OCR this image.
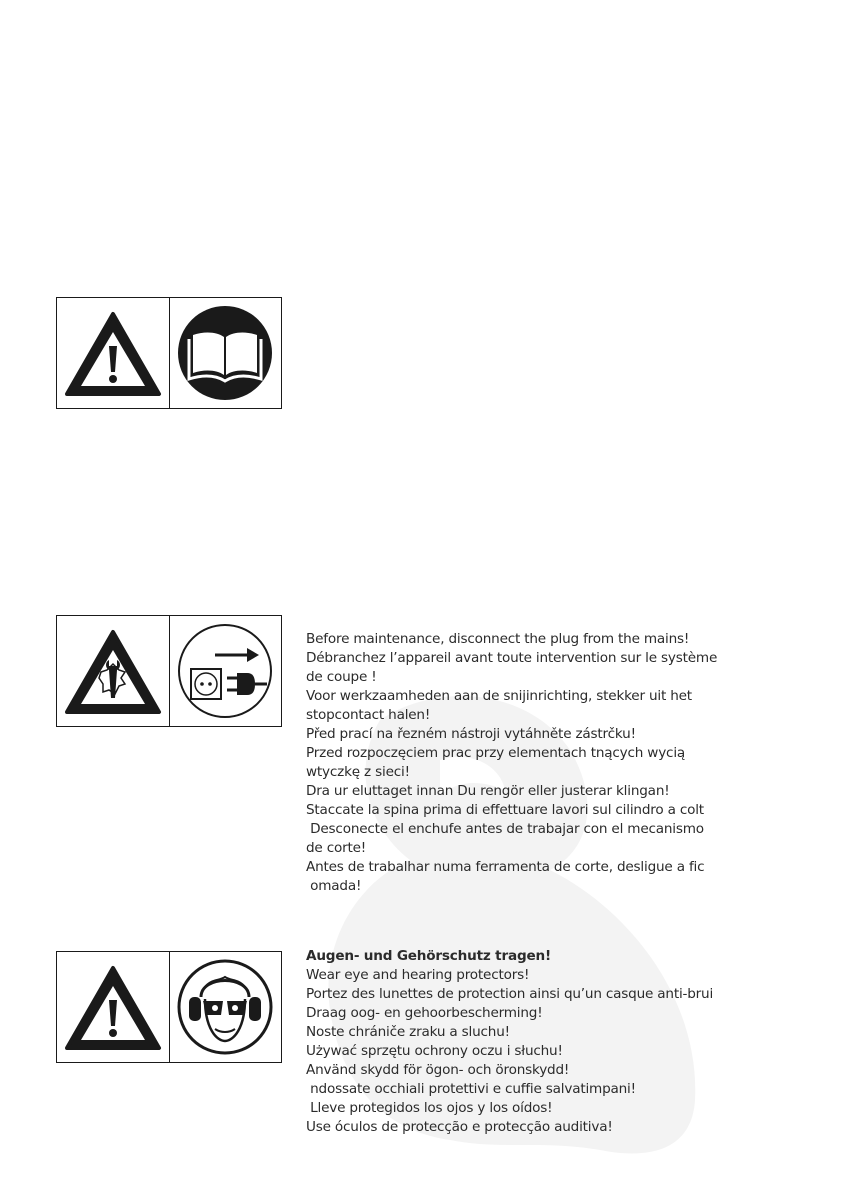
Before maintenance, disconnect the plug from the mains!
Débranchez l’appareil avant toute intervention sur le système
de coupe !
Voor werkzaamheden aan de snijinrichting, stekker uit het
stopcontact halen!
Před prací na řezném nástroji vytáhněte zástrčku!
Przed rozpoczęciem prac przy elementach tnących wycią
wtyczkę z sieci!
Dra ur eluttaget innan Du rengör eller justerar klingan!
Staccate la spina prima di effettuare lavori sul cilindro a colt
Desconecte el enchufe antes de trabajar con el mecanismo
de corte!
Antes de trabalhar numa ferramenta de corte, desligue a fic
omada!
Augen- und Gehörschutz tragen!
Wear eye and hearing protectors!
Portez des lunettes de protection ainsi qu’un casque anti-brui
Draag oog- en gehoorbescherming!
Noste chrániče zraku a sluchu!
Używać sprzętu ochrony oczu i słuchu!
Använd skydd för ögon- och öronskydd!
ndossate occhiali protettivi e cuffie salvatimpani!
Lleve protegidos los ojos y los oídos!
Use óculos de protecção e protecção auditiva!
